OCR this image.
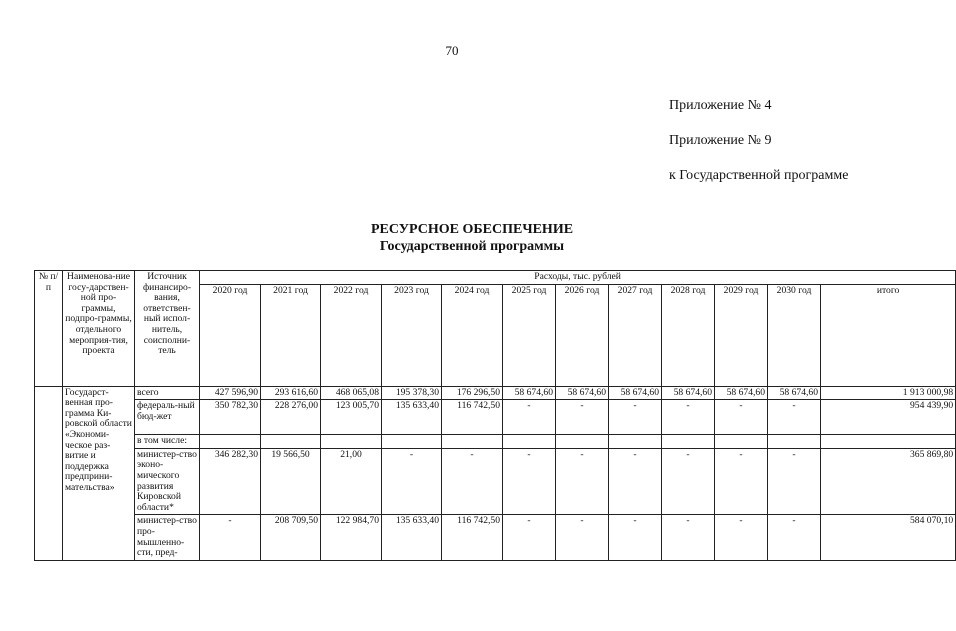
70
Приложение № 4
Приложение № 9
к Государственной программе
РЕСУРСНОЕ ОБЕСПЕЧЕНИЕ
Государственной программы
№ п/п	Наименова-ние госу-дарствен-ной про-граммы, подпро-граммы, отдельного мероприя-тия, проекта	Источник финансиро-вания, ответствен-ный испол-нитель, соисполни-тель	Расходы, тыс. рублей											
			2020 год	2021 год	2022 год	2023 год	2024 год	2025 год	2026 год	2027 год	2028 год	2029 год	2030 год	итого
	Государст-венная про-грамма Ки-ровской области «Экономи-ческое раз-витие и поддержка предприни-мательства»	всего	427 596,90	293 616,60	468 065,08	195 378,30	176 296,50	58 674,60	58 674,60	58 674,60	58 674,60	58 674,60	58 674,60	1 913 000,98
		федераль-ный бюд-жет	350 782,30	228 276,00	123 005,70	135 633,40	116 742,50	-	-	-	-	-	-	954 439,90
		в том числе:												
		министер-ство эконо-мического развития Кировской области*	346 282,30	19 566,50	21,00	-	-	-	-	-	-	-	-	365 869,80
		министер-ство про-мышленно-сти, пред-	-	208 709,50	122 984,70	135 633,40	116 742,50	-	-	-	-	-	-	584 070,10
